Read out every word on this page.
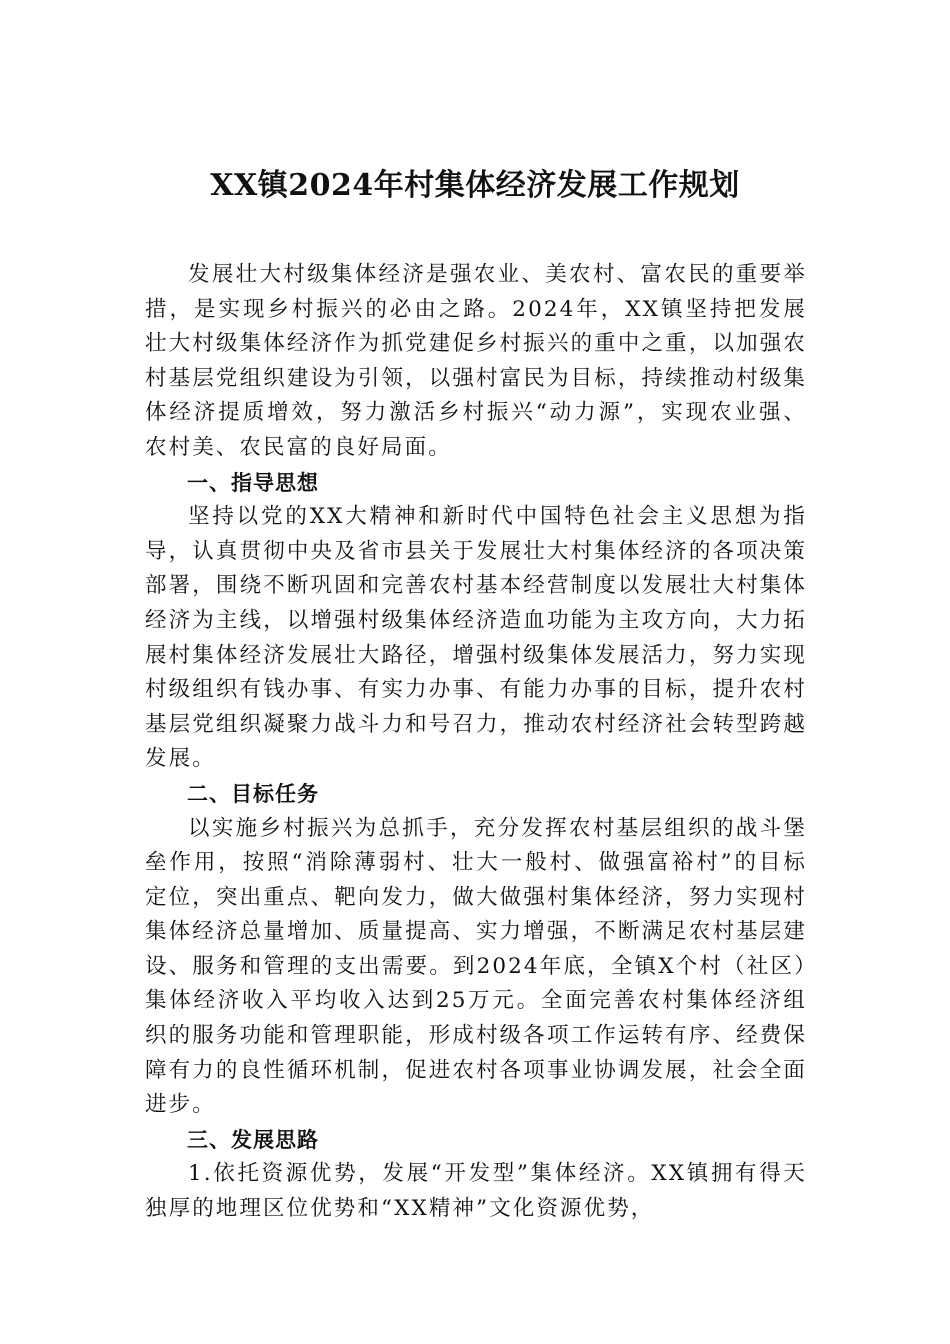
XX镇2024年村集体经济发展工作规划

发展壮大村级集体经济是强农业、美农村、富农民的重要举措，是实现乡村振兴的必由之路。2024年，XX镇坚持把发展壮大村级集体经济作为抓党建促乡村振兴的重中之重，以加强农村基层党组织建设为引领，以强村富民为目标，持续推动村级集体经济提质增效，努力激活乡村振兴“动力源”，实现农业强、农村美、农民富的良好局面。

一、指导思想

坚持以党的XX大精神和新时代中国特色社会主义思想为指导，认真贯彻中央及省市县关于发展壮大村集体经济的各项决策部署，围绕不断巩固和完善农村基本经营制度以发展壮大村集体经济为主线，以增强村级集体经济造血功能为主攻方向，大力拓展村集体经济发展壮大路径，增强村级集体发展活力，努力实现村级组织有钱办事、有实力办事、有能力办事的目标，提升农村基层党组织凝聚力战斗力和号召力，推动农村经济社会转型跨越发展。

二、目标任务

以实施乡村振兴为总抓手，充分发挥农村基层组织的战斗堡垒作用，按照“消除薄弱村、壮大一般村、做强富裕村”的目标定位，突出重点、靶向发力，做大做强村集体经济，努力实现村集体经济总量增加、质量提高、实力增强，不断满足农村基层建设、服务和管理的支出需要。到2024年底，全镇X个村（社区）集体经济收入平均收入达到25万元。全面完善农村集体经济组织的服务功能和管理职能，形成村级各项工作运转有序、经费保障有力的良性循环机制，促进农村各项事业协调发展，社会全面进步。

三、发展思路

1.依托资源优势，发展“开发型”集体经济。XX镇拥有得天独厚的地理区位优势和“XX精神”文化资源优势，
